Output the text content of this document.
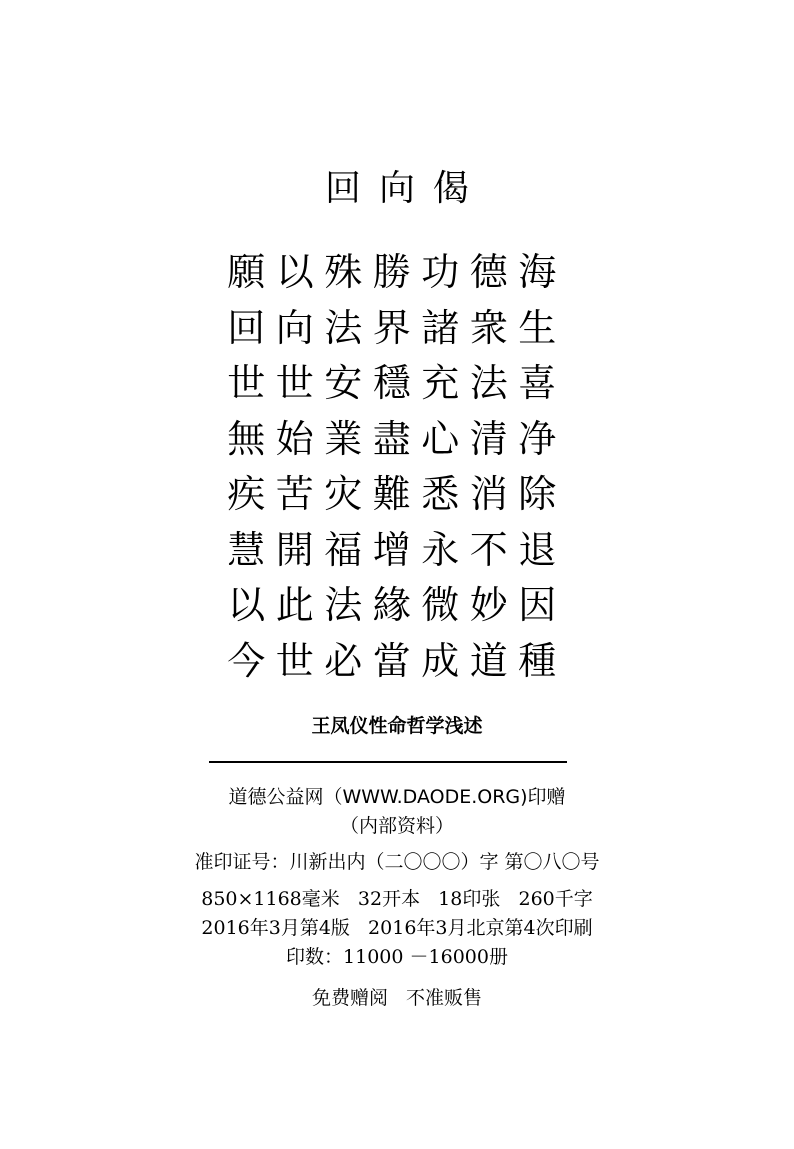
回向偈
願 以 殊 勝 功 德 海
回 向 法 界 諸 衆 生
世 世 安 穩 充 法 喜
無 始 業 盡 心 清 净
疾 苦 灾 難 悉 消 除
慧 開 福 增 永 不 退
以 此 法 緣 微 妙 因
今 世 必 當 成 道 種
王凤仪性命哲学浅述
道德公益网（WWW.DAODE.ORG)印赠
（内部资料）
准印证号：川新出内（二〇〇〇）字 第〇八〇号
850×1168毫米   32开本   18印张   260千字
2016年3月第4版   2016年3月北京第4次印刷
印数：11000 －16000册
免费赠阅   不准贩售
